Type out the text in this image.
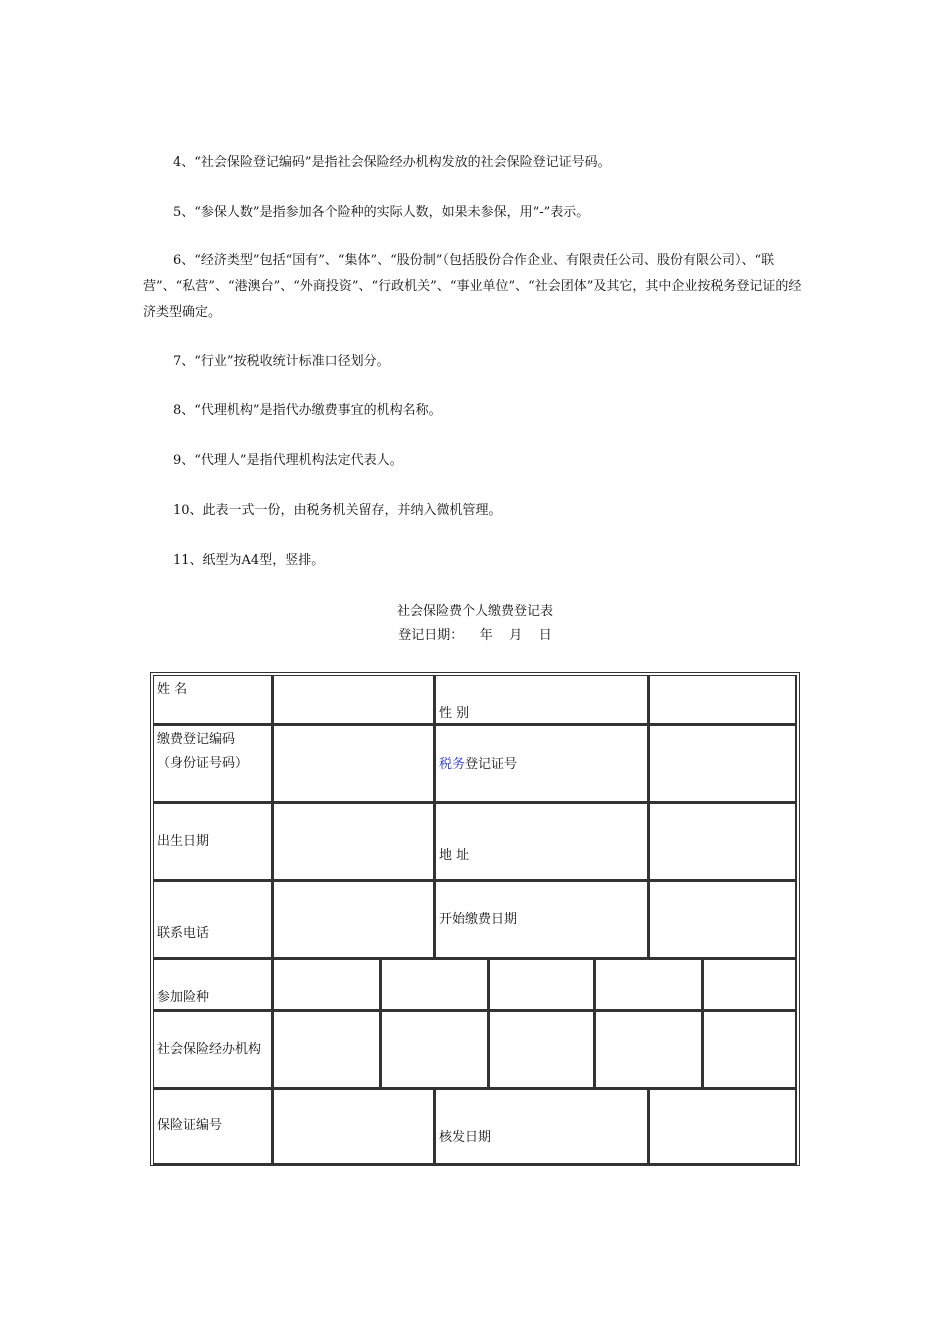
4、“社会保险登记编码”是指社会保险经办机构发放的社会保险登记证号码。

5、“参保人数”是指参加各个险种的实际人数，如果未参保，用“-”表示。

6、“经济类型”包括“国有”、“集体”、“股份制”（包括股份合作企业、有限责任公司、股份有限公司）、“联营”、“私营”、“港澳台”、“外商投资”、“行政机关”、“事业单位”、“社会团体”及其它，其中企业按税务登记证的经济类型确定。

7、“行业”按税收统计标准口径划分。

8、“代理机构”是指代办缴费事宜的机构名称。

9、“代理人”是指代理机构法定代表人。

10、此表一式一份，由税务机关留存，并纳入微机管理。

11、纸型为A4型，竖排。

社会保险费个人缴费登记表
登记日期：    年    月    日
姓 名
性 别
缴费登记编码
（身份证号码）	税务登记证号
出生日期
地 址
联系电话
开始缴费日期
参加险种
社会保险经办机构
保险证编号
核发日期
